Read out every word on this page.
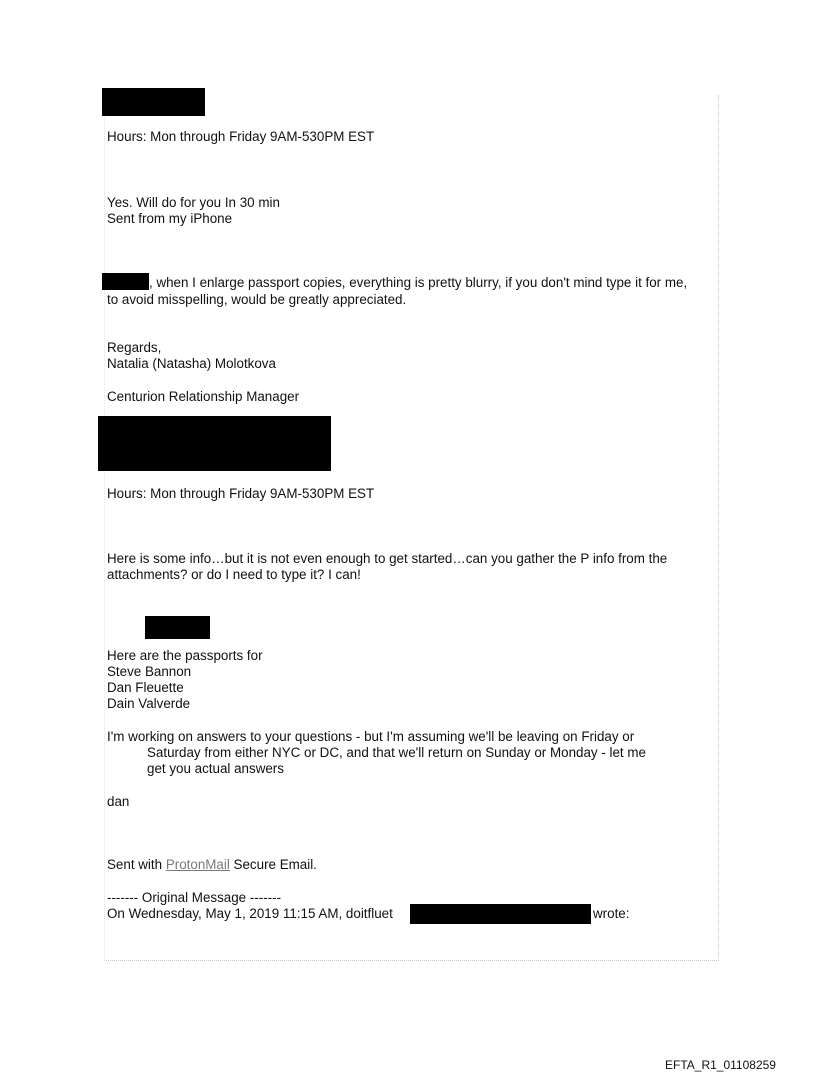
Hours: Mon through Friday 9AM-530PM EST
Yes. Will do for you In 30 min
Sent from my iPhone
, when I enlarge passport copies, everything is pretty blurry, if you don't mind type it for me,
to avoid misspelling, would be greatly appreciated.
Regards,
Natalia (Natasha) Molotkova
Centurion Relationship Manager
Hours: Mon through Friday 9AM-530PM EST
Here is some info…but it is not even enough to get started…can you gather the P info from the
attachments? or do I need to type it? I can!
Here are the passports for
Steve Bannon
Dan Fleuette
Dain Valverde
I'm working on answers to your questions - but I'm assuming we'll be leaving on Friday or
Saturday from either NYC or DC, and that we'll return on Sunday or Monday - let me
get you actual answers
dan
Sent with ProtonMail Secure Email.
------- Original Message -------
On Wednesday, May 1, 2019 11:15 AM, doitfluet	wrote:
EFTA_R1_01108259
